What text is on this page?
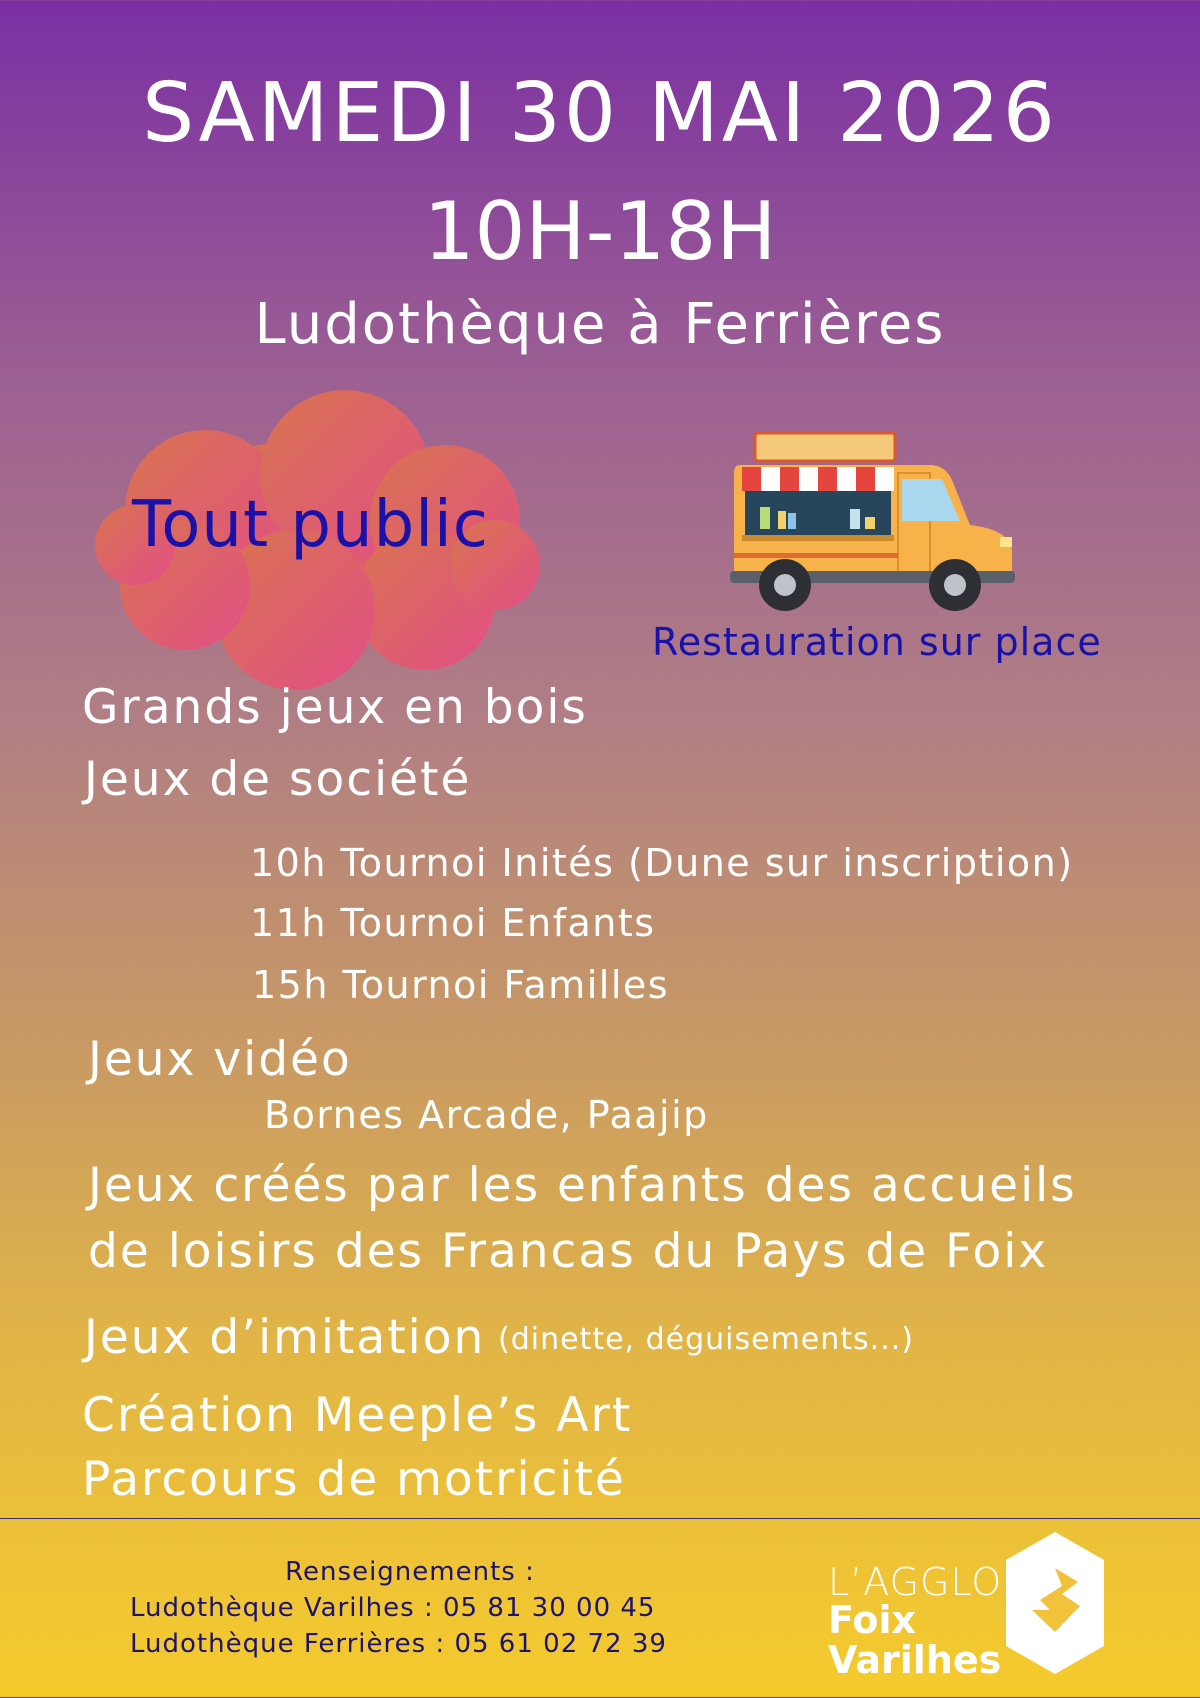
SAMEDI 30 MAI 2026
10H-18H
Ludothèque à Ferrières
Tout public
Restauration sur place
Grands jeux en bois
Jeux de société
10h Tournoi Inités (Dune sur inscription)
11h Tournoi Enfants
15h Tournoi Familles
Jeux vidéo
Bornes Arcade, Paajip
Jeux créés par les enfants des accueils
de loisirs des Francas du Pays de Foix
Jeux d’imitation (dinette, déguisements...)
Création Meeple’s Art
Parcours de motricité
Renseignements :
Ludothèque Varilhes : 05 81 30 00 45
Ludothèque Ferrières : 05 61 02 72 39
L’AGGLO
Foix
Varilhes
